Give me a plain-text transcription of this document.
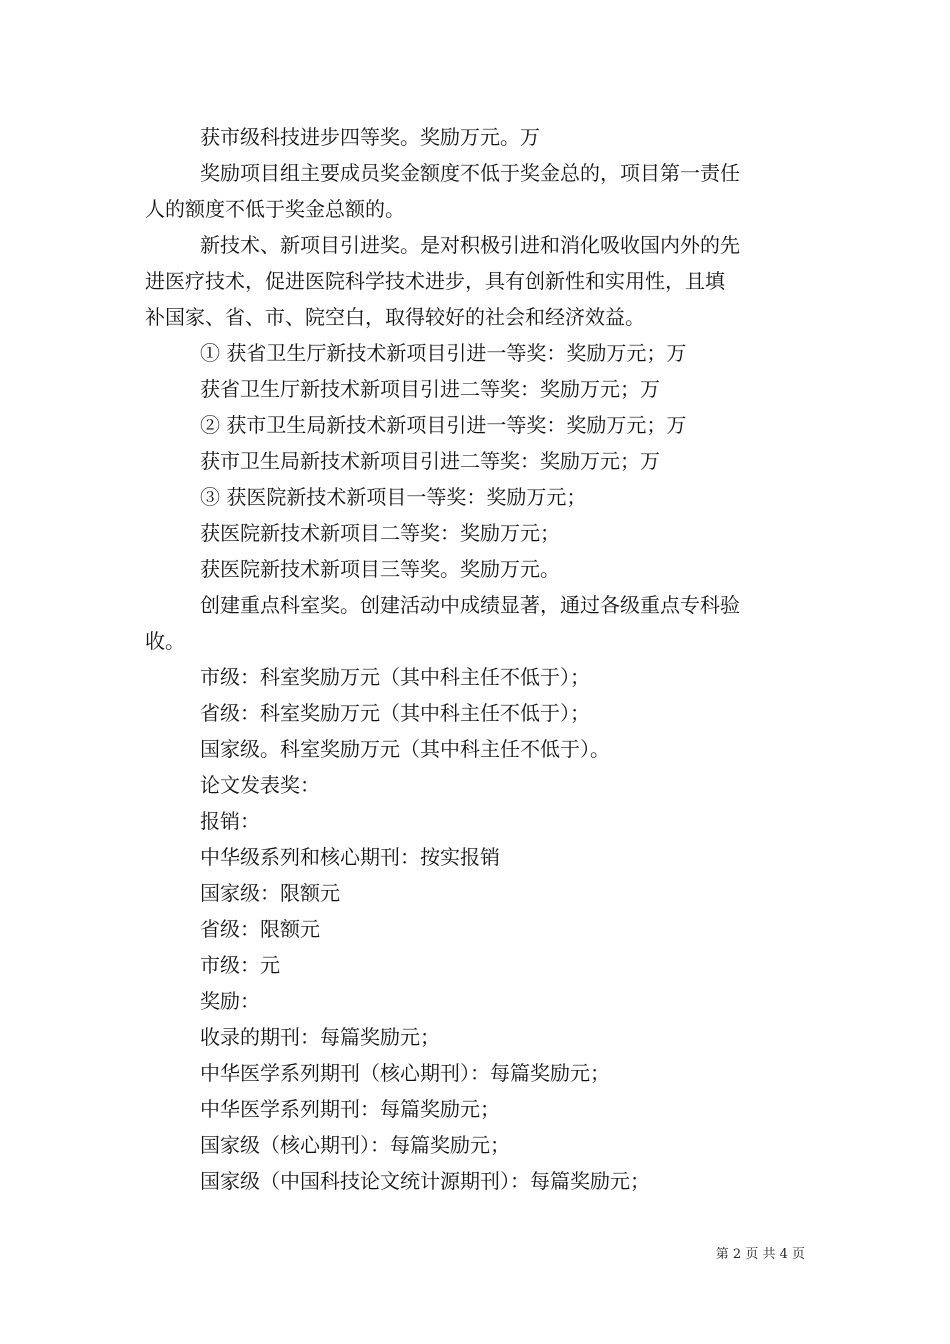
获市级科技进步四等奖。奖励万元。万
奖励项目组主要成员奖金额度不低于奖金总的，项目第一责任
人的额度不低于奖金总额的。
新技术、新项目引进奖。是对积极引进和消化吸收国内外的先
进医疗技术，促进医院科学技术进步，具有创新性和实用性，且填
补国家、省、市、院空白，取得较好的社会和经济效益。
① 获省卫生厅新技术新项目引进一等奖：奖励万元；万
获省卫生厅新技术新项目引进二等奖：奖励万元；万
② 获市卫生局新技术新项目引进一等奖：奖励万元；万
获市卫生局新技术新项目引进二等奖：奖励万元；万
③ 获医院新技术新项目一等奖：奖励万元；
获医院新技术新项目二等奖：奖励万元；
获医院新技术新项目三等奖。奖励万元。
创建重点科室奖。创建活动中成绩显著，通过各级重点专科验
收。
市级：科室奖励万元（其中科主任不低于）；
省级：科室奖励万元（其中科主任不低于）；
国家级。科室奖励万元（其中科主任不低于）。
论文发表奖：
报销：
中华级系列和核心期刊：按实报销
国家级：限额元
省级：限额元
市级：元
奖励：
收录的期刊：每篇奖励元；
中华医学系列期刊（核心期刊）：每篇奖励元；
中华医学系列期刊：每篇奖励元；
国家级（核心期刊）：每篇奖励元；
国家级（中国科技论文统计源期刊）：每篇奖励元；
第 2 页 共 4 页
